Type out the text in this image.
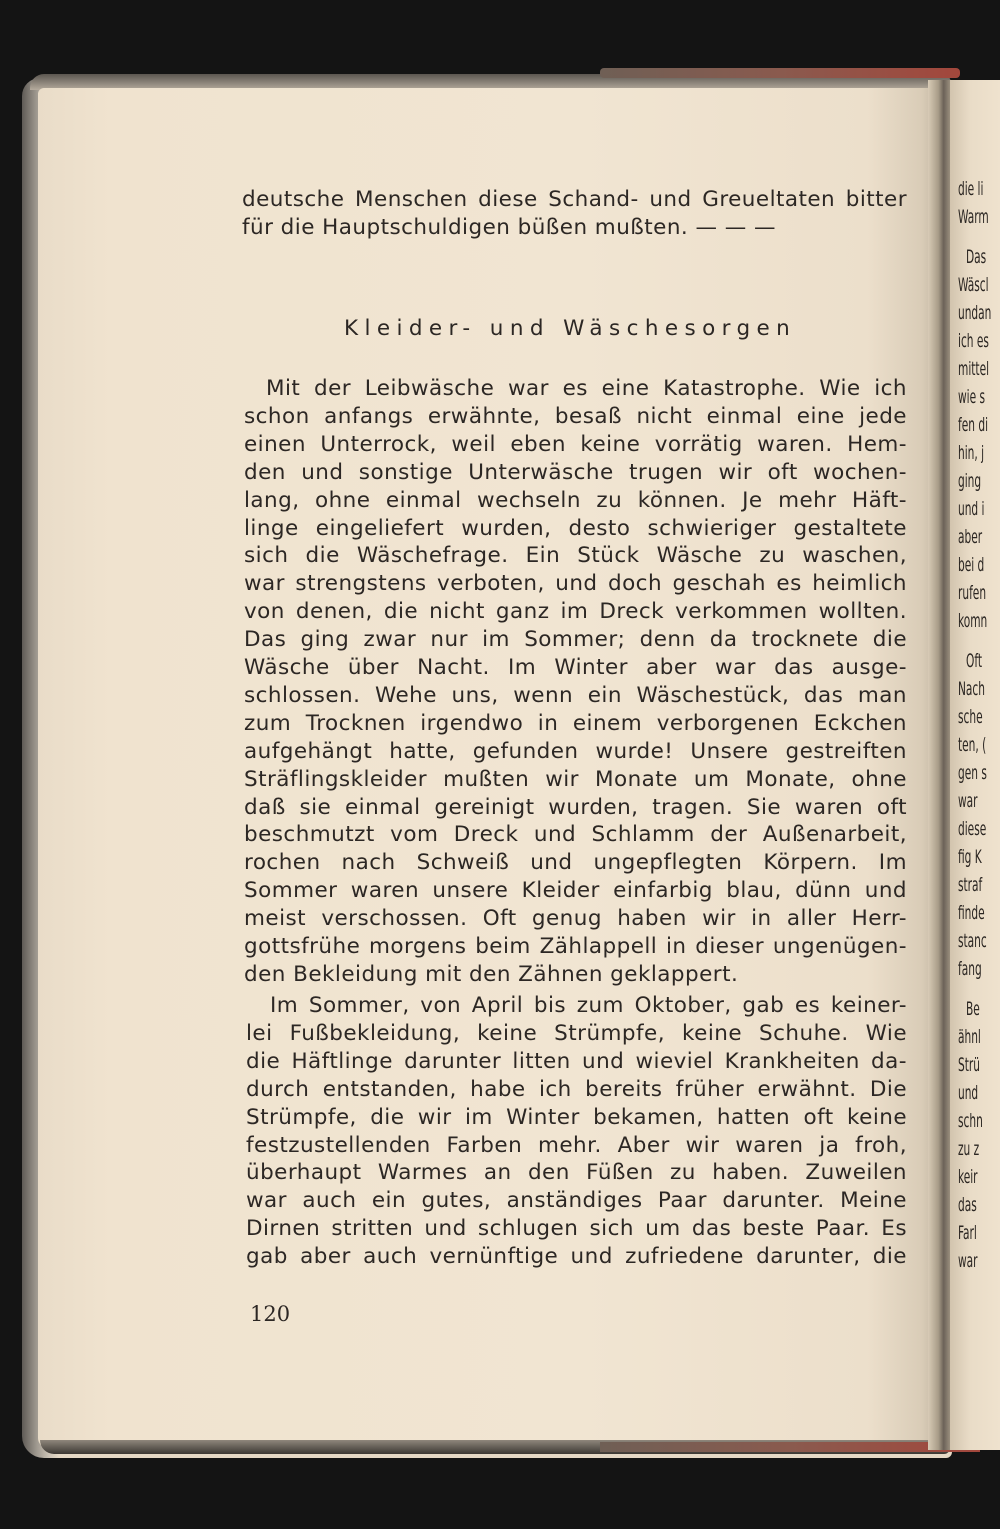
die li
Warm
Das
Wäscl
undan
ich es
mittel
wie s
fen di
hin, j
ging
und i
aber
bei d
rufen
komn
Oft
Nach
sche
ten, (
gen s
war
diese
fig K
straf
finde
stanc
fang
Be
ähnl
Strü
und
schn
zu z
keir
das
Farl
war
Kleider- und Wäschesorgen
120
deutsche Menschen diese Schand- und Greueltaten bitter
für die Hauptschuldigen büßen mußten. — — —
Mit der Leibwäsche war es eine Katastrophe. Wie ich
schon anfangs erwähnte, besaß nicht einmal eine jede
einen Unterrock, weil eben keine vorrätig waren. Hem-
den und sonstige Unterwäsche trugen wir oft wochen-
lang, ohne einmal wechseln zu können. Je mehr Häft-
linge eingeliefert wurden, desto schwieriger gestaltete
sich die Wäschefrage. Ein Stück Wäsche zu waschen,
war strengstens verboten, und doch geschah es heimlich
von denen, die nicht ganz im Dreck verkommen wollten.
Das ging zwar nur im Sommer; denn da trocknete die
Wäsche über Nacht. Im Winter aber war das ausge-
schlossen. Wehe uns, wenn ein Wäschestück, das man
zum Trocknen irgendwo in einem verborgenen Eckchen
aufgehängt hatte, gefunden wurde! Unsere gestreiften
Sträflingskleider mußten wir Monate um Monate, ohne
daß sie einmal gereinigt wurden, tragen. Sie waren oft
beschmutzt vom Dreck und Schlamm der Außenarbeit,
rochen nach Schweiß und ungepflegten Körpern. Im
Sommer waren unsere Kleider einfarbig blau, dünn und
meist verschossen. Oft genug haben wir in aller Herr-
gottsfrühe morgens beim Zählappell in dieser ungenügen-
den Bekleidung mit den Zähnen geklappert.
Im Sommer, von April bis zum Oktober, gab es keiner-
lei Fußbekleidung, keine Strümpfe, keine Schuhe. Wie
die Häftlinge darunter litten und wieviel Krankheiten da-
durch entstanden, habe ich bereits früher erwähnt. Die
Strümpfe, die wir im Winter bekamen, hatten oft keine
festzustellenden Farben mehr. Aber wir waren ja froh,
überhaupt Warmes an den Füßen zu haben. Zuweilen
war auch ein gutes, anständiges Paar darunter. Meine
Dirnen stritten und schlugen sich um das beste Paar. Es
gab aber auch vernünftige und zufriedene darunter, die
